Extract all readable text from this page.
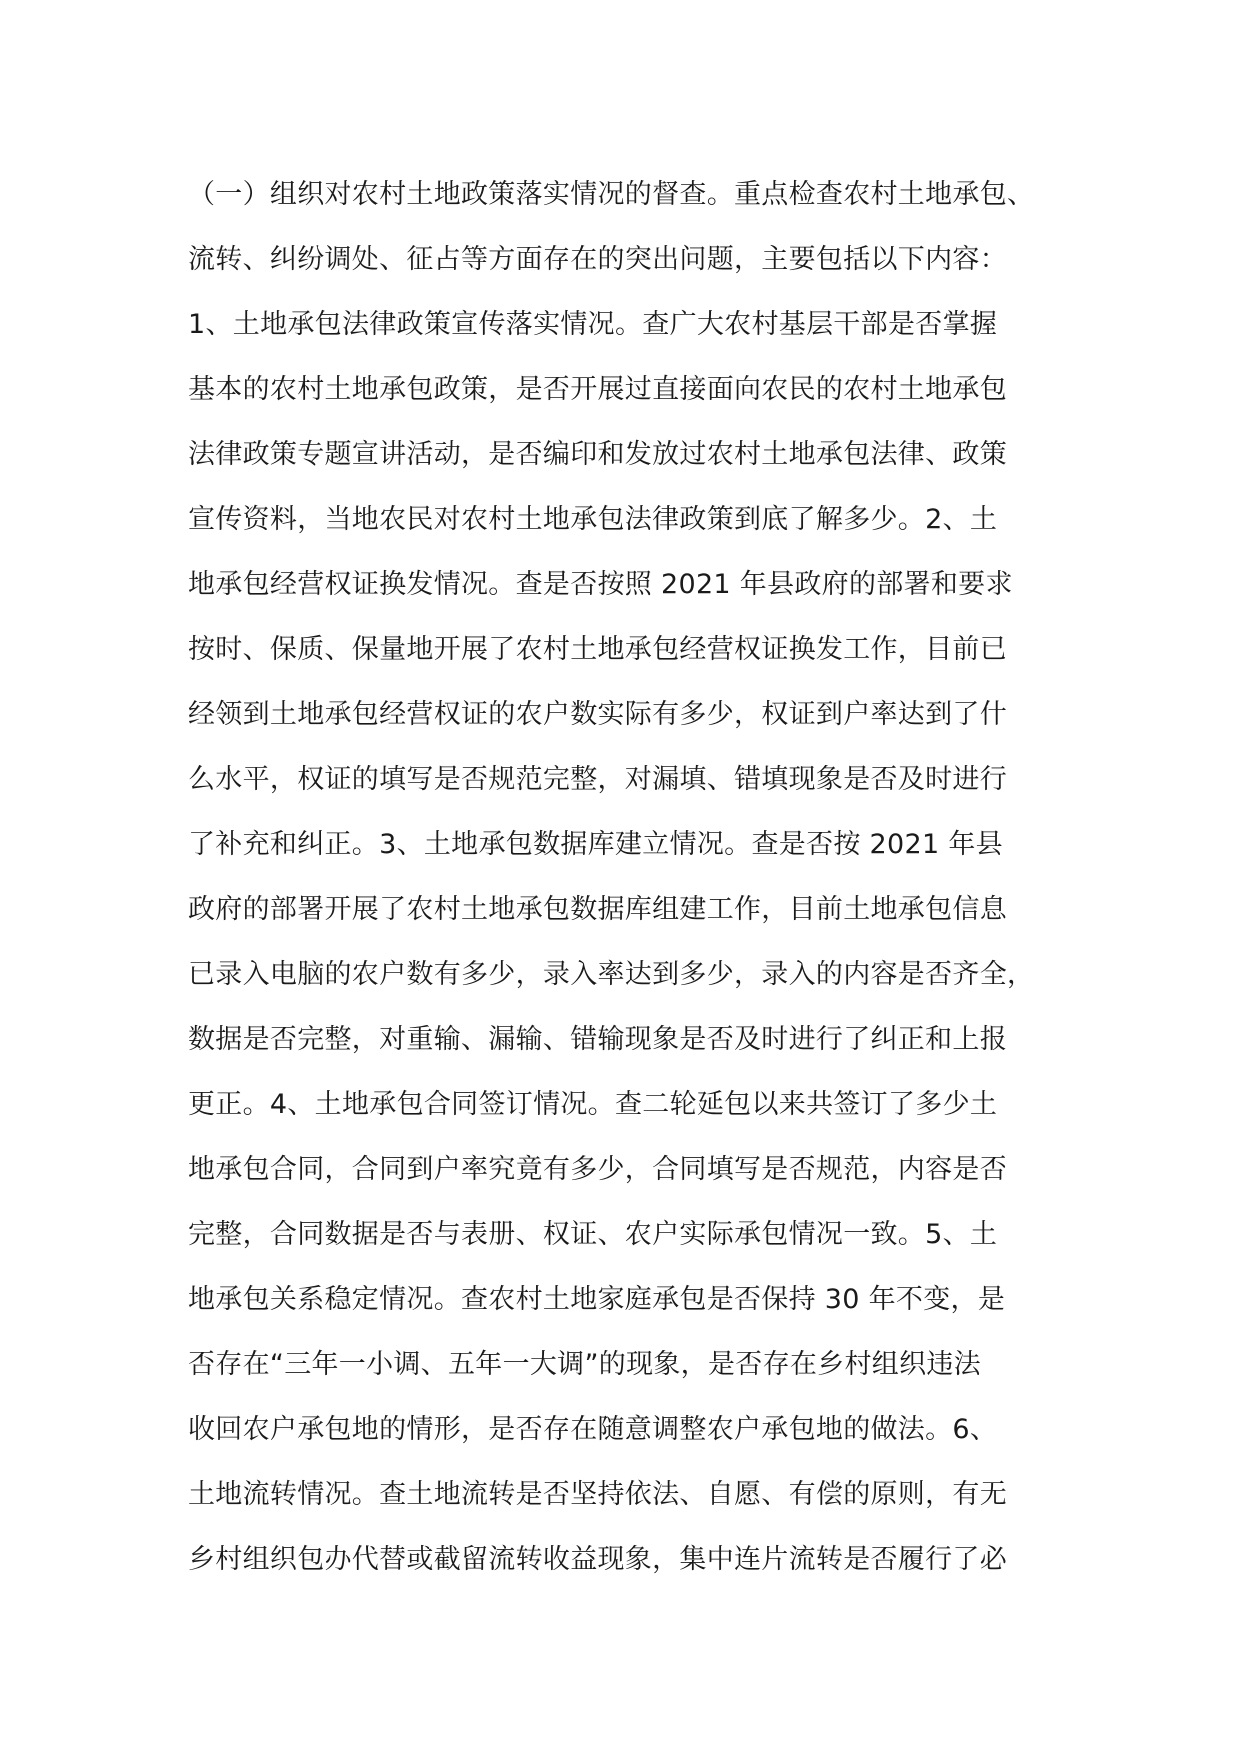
（一）组织对农村土地政策落实情况的督查。重点检查农村土地承包、
流转、纠纷调处、征占等方面存在的突出问题，主要包括以下内容：
1、土地承包法律政策宣传落实情况。查广大农村基层干部是否掌握
基本的农村土地承包政策，是否开展过直接面向农民的农村土地承包
法律政策专题宣讲活动，是否编印和发放过农村土地承包法律、政策
宣传资料，当地农民对农村土地承包法律政策到底了解多少。2、土
地承包经营权证换发情况。查是否按照 2021 年县政府的部署和要求
按时、保质、保量地开展了农村土地承包经营权证换发工作，目前已
经领到土地承包经营权证的农户数实际有多少，权证到户率达到了什
么水平，权证的填写是否规范完整，对漏填、错填现象是否及时进行
了补充和纠正。3、土地承包数据库建立情况。查是否按 2021 年县
政府的部署开展了农村土地承包数据库组建工作，目前土地承包信息
已录入电脑的农户数有多少，录入率达到多少，录入的内容是否齐全，
数据是否完整，对重输、漏输、错输现象是否及时进行了纠正和上报
更正。4、土地承包合同签订情况。查二轮延包以来共签订了多少土
地承包合同，合同到户率究竟有多少，合同填写是否规范，内容是否
完整，合同数据是否与表册、权证、农户实际承包情况一致。5、土
地承包关系稳定情况。查农村土地家庭承包是否保持 30 年不变，是
否存在“三年一小调、五年一大调”的现象，是否存在乡村组织违法
收回农户承包地的情形，是否存在随意调整农户承包地的做法。6、
土地流转情况。查土地流转是否坚持依法、自愿、有偿的原则，有无
乡村组织包办代替或截留流转收益现象，集中连片流转是否履行了必
